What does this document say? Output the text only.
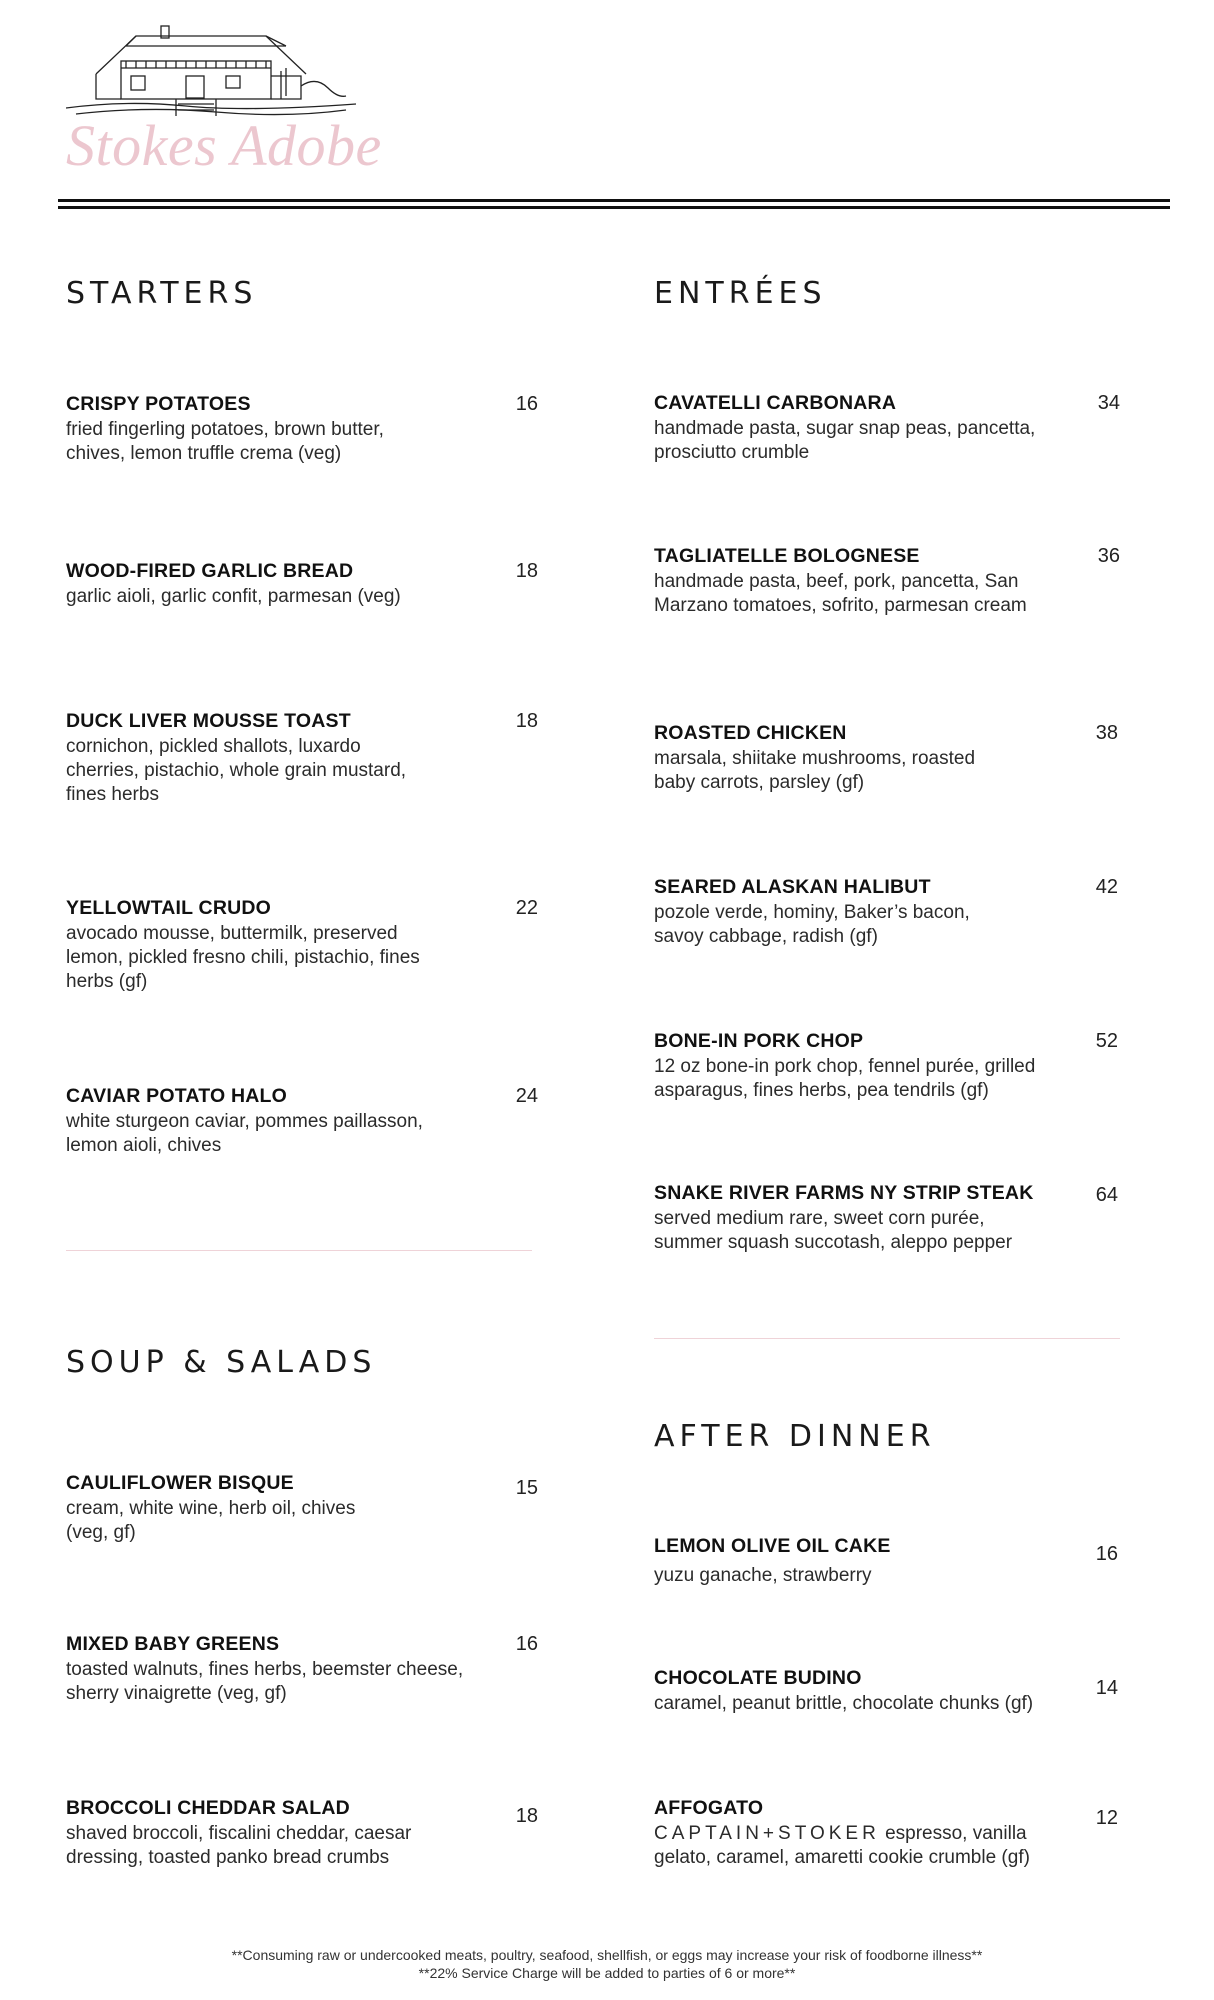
Stokes Adobe
STARTERS
CRISPY POTATOES
fried fingerling potatoes, brown butter, chives, lemon truffle crema (veg)
16
WOOD-FIRED GARLIC BREAD
garlic aioli, garlic confit, parmesan (veg)
18
DUCK LIVER MOUSSE TOAST
cornichon, pickled shallots, luxardo cherries, pistachio, whole grain mustard, fines herbs
18
YELLOWTAIL CRUDO
avocado mousse, buttermilk, preserved lemon, pickled fresno chili, pistachio, fines herbs (gf)
22
CAVIAR POTATO HALO
white sturgeon caviar, pommes paillasson, lemon aioli, chives
24
SOUP & SALADS
CAULIFLOWER BISQUE
cream, white wine, herb oil, chives (veg, gf)
15
MIXED BABY GREENS
toasted walnuts, fines herbs, beemster cheese, sherry vinaigrette (veg, gf)
16
BROCCOLI CHEDDAR SALAD
shaved broccoli, fiscalini cheddar, caesar dressing, toasted panko bread crumbs
18
ENTRÉES
CAVATELLI CARBONARA
handmade pasta, sugar snap peas, pancetta, prosciutto crumble
34
TAGLIATELLE BOLOGNESE
handmade pasta, beef, pork, pancetta, San Marzano tomatoes, sofrito, parmesan cream
36
ROASTED CHICKEN
marsala, shiitake mushrooms, roasted baby carrots, parsley (gf)
38
SEARED ALASKAN HALIBUT
pozole verde, hominy, Baker’s bacon, savoy cabbage, radish (gf)
42
BONE-IN PORK CHOP
12 oz bone-in pork chop, fennel purée, grilled asparagus, fines herbs, pea tendrils (gf)
52
SNAKE RIVER FARMS NY STRIP STEAK
served medium rare, sweet corn purée, summer squash succotash, aleppo pepper
64
AFTER DINNER
LEMON OLIVE OIL CAKE
yuzu ganache, strawberry
16
CHOCOLATE BUDINO
caramel, peanut brittle, chocolate chunks (gf)
14
AFFOGATO
CAPTAIN+STOKER espresso, vanilla gelato, caramel, amaretti cookie crumble (gf)
12
**Consuming raw or undercooked meats, poultry, seafood, shellfish, or eggs may increase your risk of foodborne illness**
**22% Service Charge will be added to parties of 6 or more**
